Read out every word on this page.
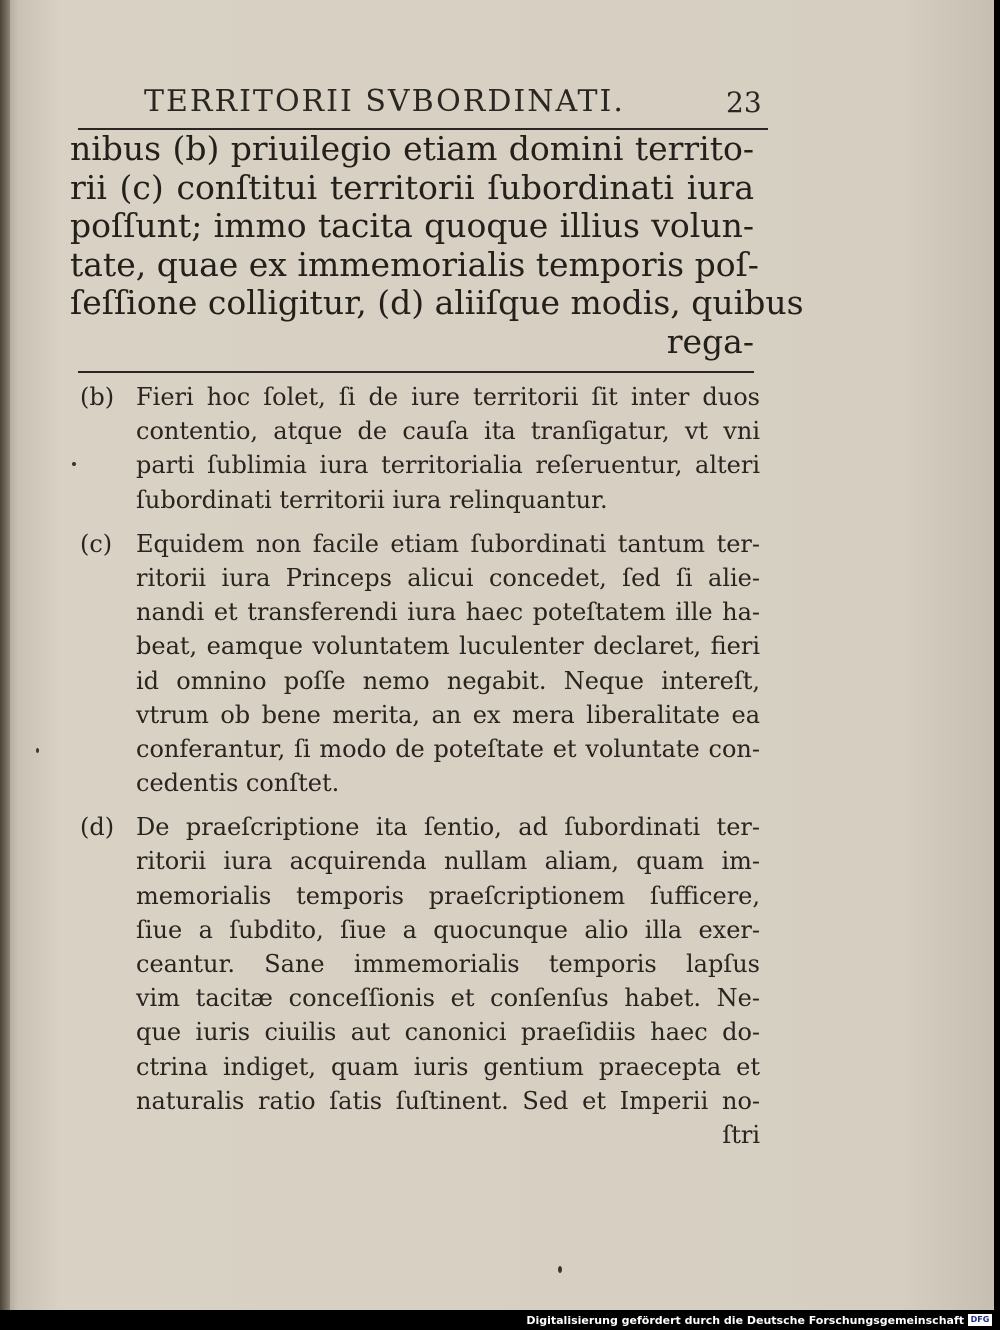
TERRITORII SVBORDINATI.	23
nibus (b) priuilegio etiam domini territo-
rii (c) conſtitui territorii ſubordinati iura
poſſunt; immo tacita quoque illius volun-
tate, quae ex immemorialis temporis poſ-
ſeſſione colligitur, (d) aliiſque modis, quibus
rega-
(b) Fieri hoc ſolet, ſi de iure territorii ſit inter duos
contentio, atque de cauſa ita tranſigatur, vt vni
parti ſublimia iura territorialia reſeruentur, alteri
ſubordinati territorii iura relinquantur.
(c) Equidem non facile etiam ſubordinati tantum ter-
ritorii iura Princeps alicui concedet, ſed ſi alie-
nandi et transferendi iura haec poteſtatem ille ha-
beat, eamque voluntatem luculenter declaret, fieri
id omnino poſſe nemo negabit. Neque intereſt,
vtrum ob bene merita, an ex mera liberalitate ea
conferantur, ſi modo de poteſtate et voluntate con-
cedentis conſtet.
(d) De praeſcriptione ita ſentio, ad ſubordinati ter-
ritorii iura acquirenda nullam aliam, quam im-
memorialis temporis praeſcriptionem ſufficere,
ſiue a ſubdito, ſiue a quocunque alio illa exer-
ceantur. Sane immemorialis temporis lapſus
vim tacitæ conceſſionis et conſenſus habet. Ne-
que iuris ciuilis aut canonici praeſidiis haec do-
ctrina indiget, quam iuris gentium praecepta et
naturalis ratio ſatis ſuſtinent. Sed et Imperii no-
ſtri
Digitalisierung gefördert durch die Deutsche Forschungsgemeinschaft DFG
